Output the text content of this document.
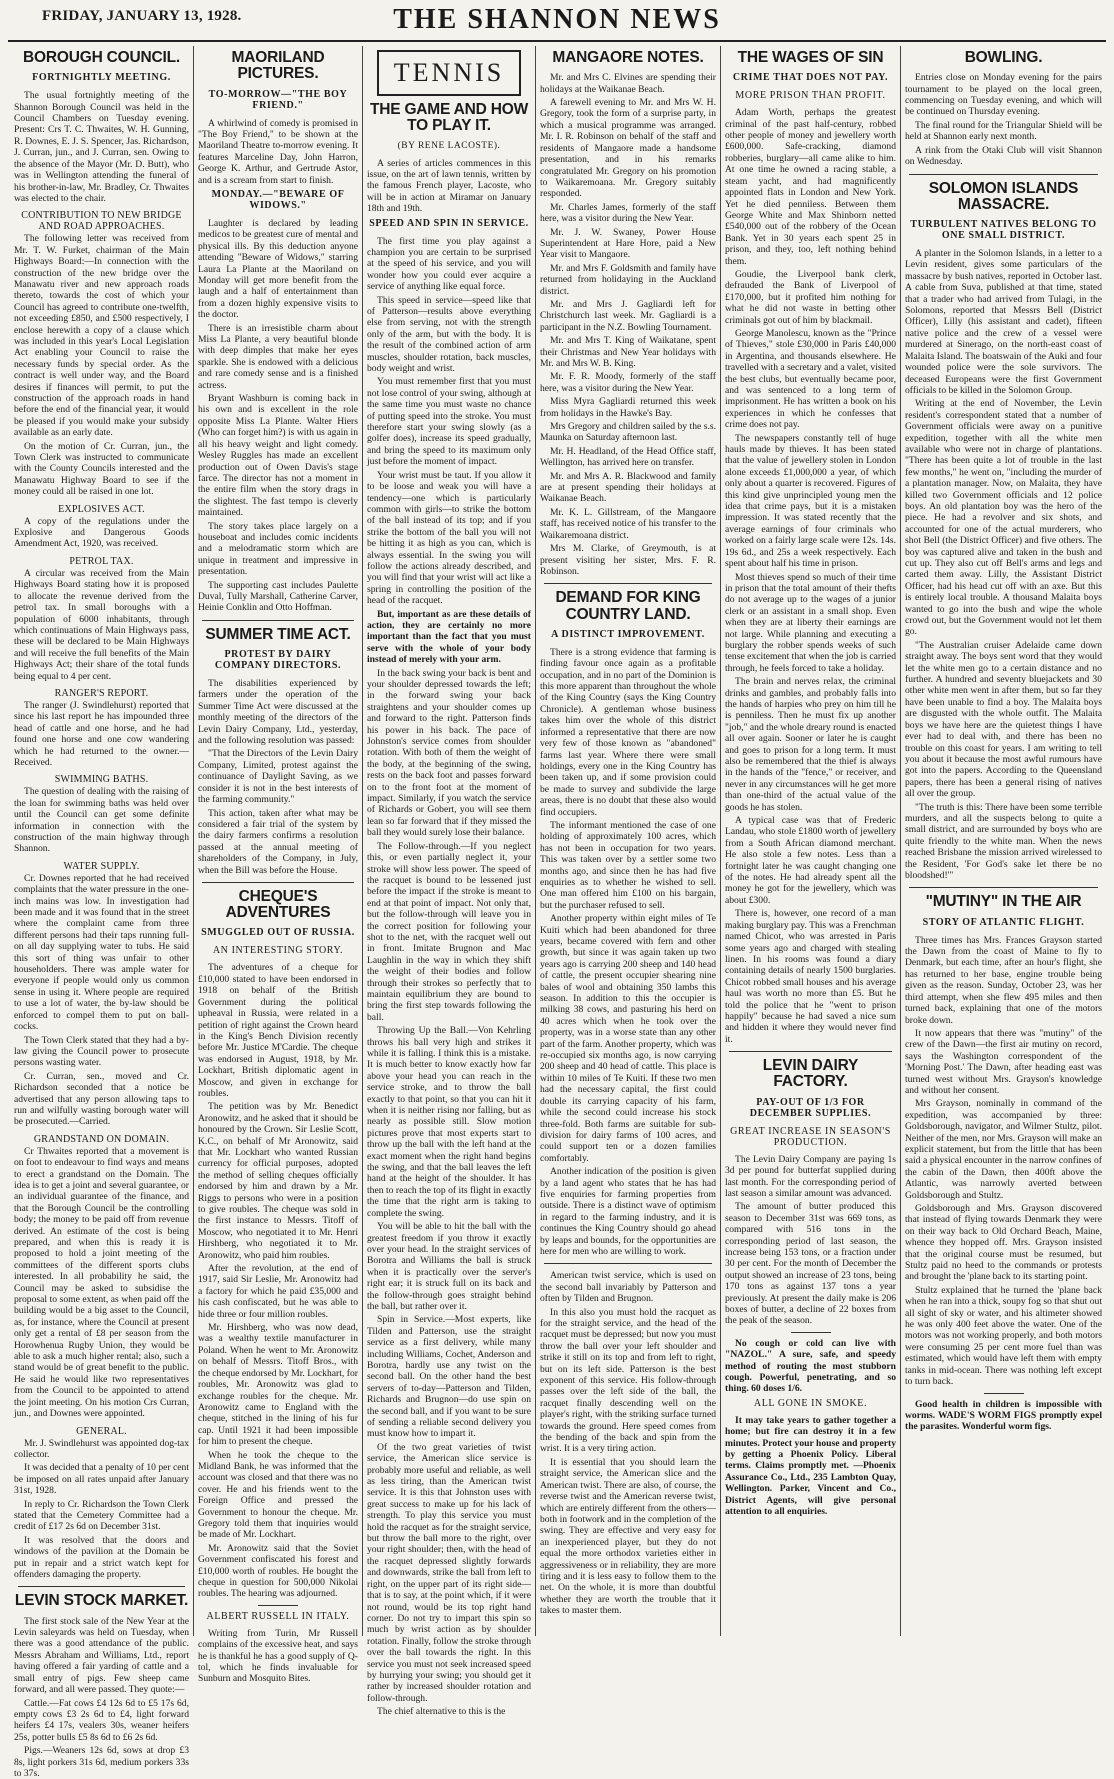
FRIDAY, JANUARY 13, 1928.	THE SHANNON NEWS
BOROUGH COUNCIL.
FORTNIGHTLY MEETING.

The usual fortnightly meeting of the Shannon Borough Council was held in the Council Chambers on Tuesday evening. Present: Crs T. C. Thwaites, W. H. Gunning, R. Downes, E. J. S. Spencer, Jas. Richardson, J. Curran, jun., and J. Curran, sen. Owing to the absence of the Mayor (Mr. D. Butt), who was in Wellington attending the funeral of his brother-in-law, Mr. Bradley, Cr. Thwaites was elected to the chair.

CONTRIBUTION TO NEW BRIDGE AND ROAD APPROACHES.

The following letter was received from Mr. T. W. Furket, chairman of the Main Highways Board:—In connection with the construction of the new bridge over the Manawatu river and new approach roads thereto, towards the cost of which your Council has agreed to contribute one-twelfth, not exceeding £850, and £500 respectively, I enclose herewith a copy of a clause which was included in this year's Local Legislation Act enabling your Council to raise the necessary funds by special order. As the contract is well under way, and the Board desires if finances will permit, to put the construction of the approach roads in hand before the end of the financial year, it would be pleased if you would make your subsidy available as an early date.

On the motion of Cr. Curran, jun., the Town Clerk was instructed to communicate with the County Councils interested and the Manawatu Highway Board to see if the money could all be raised in one lot.

EXPLOSIVES ACT.

A copy of the regulations under the Explosive and Dangerous Goods Amendment Act, 1920, was received.

PETROL TAX.

A circular was received from the Main Highways Board stating how it is proposed to allocate the revenue derived from the petrol tax. In small boroughs with a population of 6000 inhabitants, through which continuations of Main Highways pass, these will be declared to be Main Highways and will receive the full benefits of the Main Highways Act; their share of the total funds being equal to 4 per cent.

RANGER'S REPORT.

The ranger (J. Swindlehurst) reported that since his last report he has impounded three head of cattle and one horse, and he had found one horse and one cow wandering which he had returned to the owner.—Received.

SWIMMING BATHS.

The question of dealing with the raising of the loan for swimming baths was held over until the Council can get some definite information in connection with the construction of the main highway through Shannon.

WATER SUPPLY.

Cr. Downes reported that he had received complaints that the water pressure in the one-inch mains was low. In investigation had been made and it was found that in the street where the complaint came from three different persons had their taps running full-on all day supplying water to tubs. He said this sort of thing was unfair to other householders. There was ample water for everyone if people would only us common sense in using it. Where people are required to use a lot of water, the by-law should be enforced to compel them to put on ball-cocks.

The Town Clerk stated that they had a by-law giving the Council power to prosecute persons wasting water.

Cr. Curran, sen., moved and Cr. Richardson seconded that a notice be advertised that any person allowing taps to run and wilfully wasting borough water will be prosecuted.—Carried.

GRANDSTAND ON DOMAIN.

Cr Thwaites reported that a movement is on foot to endeavour to find ways and means to erect a grandstand on the Domain. The idea is to get a joint and several guarantee, or an individual guarantee of the finance, and that the Borough Council be the controlling body; the money to be paid off from revenue derived. An estimate of the cost is being prepared, and when this is ready it is proposed to hold a joint meeting of the committees of the different sports clubs interested. In all probability he said, the Council may be asked to subsidise the proposal to some extent, as when paid off the building would be a big asset to the Council, as, for instance, where the Council at present only get a rental of £8 per season from the Horowhenua Rugby Union, they would be able to ask a much higher rental; also, such a stand would be of great benefit to the public. He said he would like two representatives from the Council to be appointed to attend the joint meeting. On his motion Crs Curran, jun., and Downes were appointed.

GENERAL.

Mr. J. Swindlehurst was appointed dog-tax collector.

It was decided that a penalty of 10 per cent be imposed on all rates unpaid after January 31st, 1928.

In reply to Cr. Richardson the Town Clerk stated that the Cemetery Committee had a credit of £17 2s 6d on December 31st.

It was resolved that the doors and windows of the pavilion at the Domain be put in repair and a strict watch kept for offenders damaging the property.

LEVIN STOCK MARKET.

The first stock sale of the New Year at the Levin saleyards was held on Tuesday, when there was a good attendance of the public. Messrs Abraham and Williams, Ltd., report having offered a fair yarding of cattle and a small entry of pigs. Few sheep came forward, and all were passed. They quote:—

Cattle.—Fat cows £4 12s 6d to £5 17s 6d, empty cows £3 2s 6d to £4, light forward heifers £4 17s, vealers 30s, weaner heifers 25s, potter bulls £5 8s 6d to £6 2s 6d.

Pigs.—Weaners 12s 6d, sows at drop £3 8s, light porkers 31s 6d, medium porkers 33s to 37s.

MAORILAND PICTURES.
TO-MORROW—"THE BOY FRIEND."

A whirlwind of comedy is promised in "The Boy Friend," to be shown at the Maoriland Theatre to-morrow evening. It features Marceline Day, John Harron, George K. Arthur, and Gertrude Astor, and is a scream from start to finish.

MONDAY.—"BEWARE OF WIDOWS."

Laughter is declared by leading medicos to be greatest cure of mental and physical ills. By this deduction anyone attending "Beware of Widows," starring Laura La Plante at the Maoriland on Monday will get more benefit from the laugh and a half of entertainment than from a dozen highly expensive visits to the doctor.

There is an irresistible charm about Miss La Plante, a very beautiful blonde with deep dimples that make her eyes sparkle. She is endowed with a delicious and rare comedy sense and is a finished actress.

Bryant Washburn is coming back in his own and is excellent in the role opposite Miss La Plante. Walter Hiers (Who can forget him?) is with us again in all his heavy weight and light comedy. Wesley Ruggles has made an excellent production out of Owen Davis's stage farce. The director has not a moment in the entire film when the story drags in the slightest. The fast tempo is cleverly maintained.

The story takes place largely on a houseboat and includes comic incidents and a melodramatic storm which are unique in treatment and impressive in presentation.

The supporting cast includes Paulette Duval, Tully Marshall, Catherine Carver, Heinie Conklin and Otto Hoffman.

SUMMER TIME ACT.
PROTEST BY DAIRY COMPANY DIRECTORS.

The disabilities experienced by farmers under the operation of the Summer Time Act were discussed at the monthly meeting of the directors of the Levin Dairy Company, Ltd., yesterday, and the following resolution was passed:

"That the Directors of the Levin Dairy Company, Limited, protest against the continuance of Daylight Saving, as we consider it is not in the best interests of the farming community."

This action, taken after what may be considered a fair trial of the system by the dairy farmers confirms a resolution passed at the annual meeting of shareholders of the Company, in July, when the Bill was before the House.

CHEQUE'S ADVENTURES
SMUGGLED OUT OF RUSSIA.
AN INTERESTING STORY.

The adventures of a cheque for £10,000 stated to have been endorsed in 1918 on behalf of the British Government during the political upheaval in Russia, were related in a petition of right against the Crown heard in the King's Bench Division recently before Mr. Justice M'Cardie. The cheque was endorsed in August, 1918, by Mr. Lockhart, British diplomatic agent in Moscow, and given in exchange for roubles.

The petition was by Mr. Benedict Aronowitz, and he asked that it should be honoured by the Crown. Sir Leslie Scott, K.C., on behalf of Mr Aronowitz, said that Mr. Lockhart who wanted Russian currency for official purposes, adopted the method of selling cheques officially endorsed by him and drawn by a Mr. Riggs to persons who were in a position to give roubles. The cheque was sold in the first instance to Messrs. Titoff of Moscow, who negotiated it to Mr. Henri Hirshberg, who negotiated it to Mr. Aronowitz, who paid him roubles.

After the revolution, at the end of 1917, said Sir Leslie, Mr. Aronowitz had a factory for which he paid £35,000 and his cash confiscated, but he was able to hide three or four million roubles.

Mr. Hirshberg, who was now dead, was a wealthy textile manufacturer in Poland. When he went to Mr. Aronowitz on behalf of Messrs. Titoff Bros., with the cheque endorsed by Mr. Lockhart, for roubles, Mr. Aronowitz was glad to exchange roubles for the cheque. Mr. Aronowitz came to England with the cheque, stitched in the lining of his fur cap. Until 1921 it had been impossible for him to present the cheque.

When he took the cheque to the Midland Bank, he was informed that the account was closed and that there was no cover. He and his friends went to the Foreign Office and pressed the Government to honour the cheque. Mr. Gregory told them that inquiries would be made of Mr. Lockhart.

Mr. Aronowitz said that the Soviet Government confiscated his forest and £10,000 worth of roubles. He bought the cheque in question for 500,000 Nikolai roubles. The hearing was adjourned.

ALBERT RUSSELL IN ITALY.

Writing from Turin, Mr Russell complains of the excessive heat, and says he is thankful he has a good supply of Q-tol, which he finds invaluable for Sunburn and Mosquito Bites.

TENNIS
THE GAME AND HOW TO PLAY IT.
(BY RENE LACOSTE).

A series of articles commences in this issue, on the art of lawn tennis, written by the famous French player, Lacoste, who will be in action at Miramar on January 18th and 19th.

SPEED AND SPIN IN SERVICE.

The first time you play against a champion you are certain to be surprised at the speed of his service, and you will wonder how you could ever acquire a service of anything like equal force.

This speed in service—speed like that of Patterson—results above everything else from serving, not with the strength only of the arm, but with the body. It is the result of the combined action of arm muscles, shoulder rotation, back muscles, body weight and wrist.

You must remember first that you must not lose control of your swing, although at the same time you must waste no chance of putting speed into the stroke. You must therefore start your swing slowly (as a golfer does), increase its speed gradually, and bring the speed to its maximum only just before the moment of impact.

Your wrist must be taut. If you allow it to be loose and weak you will have a tendency—one which is particularly common with girls—to strike the bottom of the ball instead of its top; and if you strike the bottom of the ball you will not be hitting it as high as you can, which is always essential. In the swing you will follow the actions already described, and you will find that your wrist will act like a spring in controlling the position of the head of the racquet.

But, important as are these details of action, they are certainly no more important than the fact that you must serve with the whole of your body instead of merely with your arm.

In the back swing your back is bent and your shoulder depressed towards the left; in the forward swing your back straightens and your shoulder comes up and forward to the right. Patterson finds his power in his back. The pace of Johnston's service comes from shoulder rotation. With both of them the weight of the body, at the beginning of the swing, rests on the back foot and passes forward on to the front foot at the moment of impact. Similarly, if you watch the service of Richards or Gobert, you will see them lean so far forward that if they missed the ball they would surely lose their balance.

The Follow-through.—If you neglect this, or even partially neglect it, your stroke will show less power. The speed of the racquet is bound to be lessened just before the impact if the stroke is meant to end at that point of impact. Not only that, but the follow-through will leave you in the correct position for following your shot to the net, with the racquet well out in front. Imitate Brugnon and Mac Laughlin in the way in which they shift the weight of their bodies and follow through their strokes so perfectly that to maintain equilibrium they are bound to bring the first step towards following the ball.

Throwing Up the Ball.—Von Kehrling throws his ball very high and strikes it while it is falling. I think this is a mistake. It is much better to know exactly how far above your head you can reach in the service stroke, and to throw the ball exactly to that point, so that you can hit it when it is neither rising nor falling, but as nearly as possible still. Slow motion pictures prove that most experts start to throw up the ball with the left hand at the exact moment when the right hand begins the swing, and that the ball leaves the left hand at the height of the shoulder. It has then to reach the top of its flight in exactly the time that the right arm is taking to complete the swing.

You will be able to hit the ball with the greatest freedom if you throw it exactly over your head. In the straight services of Borotra and Williams the ball is struck when it is practically over the server's right ear; it is struck full on its back and the follow-through goes straight behind the ball, but rather over it.

Spin in Service.—Most experts, like Tilden and Patterson, use the straight service as a first delivery, while many including Williams, Cochet, Anderson and Borotra, hardly use any twist on the second ball. On the other hand the best servers of to-day—Patterson and Tilden, Richards and Brugnon—do use spin on the second ball, and if you want to be sure of sending a reliable second delivery you must know how to impart it.

Of the two great varieties of twist service, the American slice service is probably more useful and reliable, as well as less tiring, than the American twist service. It is this that Johnston uses with great success to make up for his lack of strength. To play this service you must hold the racquet as for the straight service, but throw the ball more to the right, over your right shoulder; then, with the head of the racquet depressed slightly forwards and downwards, strike the ball from left to right, on the upper part of its right side—that is to say, at the point which, if it were not round, would be its top right hand corner. Do not try to impart this spin so much by wrist action as by shoulder rotation. Finally, follow the stroke through over the ball towards the right. In this service you must not seek increased speed by hurrying your swing; you should get it rather by increased shoulder rotation and follow-through.

The chief alternative to this is the

MANGAORE NOTES.

Mr. and Mrs C. Elvines are spending their holidays at the Waikanae Beach.

A farewell evening to Mr. and Mrs W. H. Gregory, took the form of a surprise party, in which a musical programme was arranged. Mr. I. R. Robinson on behalf of the staff and residents of Mangaore made a handsome presentation, and in his remarks congratulated Mr. Gregory on his promotion to Waikaremoana. Mr. Gregory suitably responded.

Mr. Charles James, formerly of the staff here, was a visitor during the New Year.

Mr. J. W. Swaney, Power House Superintendent at Hare Hore, paid a New Year visit to Mangaore.

Mr. and Mrs F. Goldsmith and family have returned from holidaying in the Auckland district.

Mr. and Mrs J. Gagliardi left for Christchurch last week. Mr. Gagliardi is a participant in the N.Z. Bowling Tournament.

Mr. and Mrs T. King of Waikatane, spent their Christmas and New Year holidays with Mr. and Mrs W. B. King.

Mr. F. R. Moody, formerly of the staff here, was a visitor during the New Year.

Miss Myra Gagliardi returned this week from holidays in the Hawke's Bay.

Mrs Gregory and children sailed by the s.s. Maunka on Saturday afternoon last.

Mr. H. Headland, of the Head Office staff, Wellington, has arrived here on transfer.

Mr. and Mrs A. R. Blackwood and family are at present spending their holidays at Waikanae Beach.

Mr. K. L. Gillstream, of the Mangaore staff, has received notice of his transfer to the Waikaremoana district.

Mrs M. Clarke, of Greymouth, is at present visiting her sister, Mrs. F. R. Robinson.

DEMAND FOR KING COUNTRY LAND.
A DISTINCT IMPROVEMENT.

There is a strong evidence that farming is finding favour once again as a profitable occupation, and in no part of the Dominion is this more apparent than throughout the whole of the King Country (says the King Country Chronicle). A gentleman whose business takes him over the whole of this district informed a representative that there are now very few of those known as "abandoned" farms last year. Where there were small holdings, every one in the King Country has been taken up, and if some provision could be made to survey and subdivide the large areas, there is no doubt that these also would find occupiers.

The informant mentioned the case of one holding of approximately 100 acres, which has not been in occupation for two years. This was taken over by a settler some two months ago, and since then he has had five enquiries as to whether he wished to sell. One man offered him £100 on his bargain, but the purchaser refused to sell.

Another property within eight miles of Te Kuiti which had been abandoned for three years, became covered with fern and other growth, but since it was again taken up two years ago is carrying 200 sheep and 140 head of cattle, the present occupier shearing nine bales of wool and obtaining 350 lambs this season. In addition to this the occupier is milking 38 cows, and pasturing his herd on 40 acres which when he took over the property, was in a worse state than any other part of the farm. Another property, which was re-occupied six months ago, is now carrying 200 sheep and 40 head of cattle. This place is within 10 miles of Te Kuiti. If these two men had the necessary capital, the first could double its carrying capacity of his farm, while the second could increase his stock three-fold. Both farms are suitable for sub-division for dairy farms of 100 acres, and could support ten or a dozen families comfortably.

Another indication of the position is given by a land agent who states that he has had five enquiries for farming properties from outside. There is a distinct wave of optimism in regard to the farming industry, and it is continues the King Country should go ahead by leaps and bounds, for the opportunities are here for men who are willing to work.

American twist service, which is used on the second ball invariably by Patterson and often by Tilden and Brugnon.

In this also you must hold the racquet as for the straight service, and the head of the racquet must be depressed; but now you must throw the ball over your left shoulder and strike it still on its top and from left to right, but on its left side. Patterson is the best exponent of this service. His follow-through passes over the left side of the ball, the racquet finally descending well on the player's right, with the striking surface turned towards the ground. Here speed comes from the bending of the back and spin from the wrist. It is a very tiring action.

It is essential that you should learn the straight service, the American slice and the American twist. There are also, of course, the reverse twist and the American reverse twist, which are entirely different from the others—both in footwork and in the completion of the swing. They are effective and very easy for an inexperienced player, but they do not equal the more orthodox varieties either in aggressiveness or in reliability, they are more tiring and it is less easy to follow them to the net. On the whole, it is more than doubtful whether they are worth the trouble that it takes to master them.

THE WAGES OF SIN
CRIME THAT DOES NOT PAY.
MORE PRISON THAN PROFIT.

Adam Worth, perhaps the greatest criminal of the past half-century, robbed other people of money and jewellery worth £600,000. Safe-cracking, diamond robberies, burglary—all came alike to him. At one time he owned a racing stable, a steam yacht, and had magnificently appointed flats in London and New York. Yet he died penniless. Between them George White and Max Shinborn netted £540,000 out of the robbery of the Ocean Bank. Yet in 30 years each spent 25 in prison, and they, too, left nothing behind them.

Goudie, the Liverpool bank clerk, defrauded the Bank of Liverpool of £170,000, but it profited him nothing for what he did not waste in betting other criminals got out of him by blackmail.

George Manolescu, known as the "Prince of Thieves," stole £30,000 in Paris £40,000 in Argentina, and thousands elsewhere. He travelled with a secretary and a valet, visited the best clubs, but eventually became poor, and was sentenced to a long term of imprisonment. He has written a book on his experiences in which he confesses that crime does not pay.

The newspapers constantly tell of huge hauls made by thieves. It has been stated that the value of jewellery stolen in London alone exceeds £1,000,000 a year, of which only about a quarter is recovered. Figures of this kind give unprincipled young men the idea that crime pays, but it is a mistaken impression. It was stated recently that the average earnings of four criminals who worked on a fairly large scale were 12s. 14s. 19s 6d., and 25s a week respectively. Each spent about half his time in prison.

Most thieves spend so much of their time in prison that the total amount of their thefts do not average up to the wages of a junior clerk or an assistant in a small shop. Even when they are at liberty their earnings are not large. While planning and executing a burglary the robber spends weeks of such tense excitement that when the job is carried through, he feels forced to take a holiday.

The brain and nerves relax, the criminal drinks and gambles, and probably falls into the hands of harpies who prey on him till he is penniless. Then he must fix up another "job," and the whole dreary round is enacted all over again. Sooner or later he is caught and goes to prison for a long term. It must also be remembered that the thief is always in the hands of the "fence," or receiver, and never in any circumstances will he get more than one-third of the actual value of the goods he has stolen.

A typical case was that of Frederic Landau, who stole £1800 worth of jewellery from a South African diamond merchant. He also stole a few notes. Less than a fortnight later he was caught changing one of the notes. He had already spent all the money he got for the jewellery, which was about £300.

There is, however, one record of a man making burglary pay. This was a Frenchman named Chicot, who was arrested in Paris some years ago and charged with stealing linen. In his rooms was found a diary containing details of nearly 1500 burglaries. Chicot robbed small houses and his average haul was worth no more than £5. But he told the police that he "went to prison happily" because he had saved a nice sum and hidden it where they would never find it.

LEVIN DAIRY FACTORY.
PAY-OUT OF 1/3 FOR DECEMBER SUPPLIES.
GREAT INCREASE IN SEASON'S PRODUCTION.

The Levin Dairy Company are paying 1s 3d per pound for butterfat supplied during last month. For the corresponding period of last season a similar amount was advanced.

The amount of butter produced this season to December 31st was 669 tons, as compared with 516 tons in the corresponding period of last season, the increase being 153 tons, or a fraction under 30 per cent. For the month of December the output showed an increase of 23 tons, being 170 tons as against 137 tons a year previously. At present the daily make is 206 boxes of butter, a decline of 22 boxes from the peak of the season.

No cough or cold can live with "NAZOL." A sure, safe, and speedy method of routing the most stubborn cough. Powerful, penetrating, and so thing. 60 doses 1/6.

ALL GONE IN SMOKE.

It may take years to gather together a home; but fire can destroy it in a few minutes. Protect your house and property by getting a Phoenix Policy. Liberal terms. Claims promptly met. —Phoenix Assurance Co., Ltd., 235 Lambton Quay, Wellington. Parker, Vincent and Co., District Agents, will give personal attention to all enquiries.

BOWLING.

Entries close on Monday evening for the pairs tournament to be played on the local green, commencing on Tuesday evening, and which will be continued on Thursday evening.

The final round for the Triangular Shield will be held at Shannon early next month.

A rink from the Otaki Club will visit Shannon on Wednesday.

SOLOMON ISLANDS MASSACRE.
TURBULENT NATIVES BELONG TO ONE SMALL DISTRICT.

A planter in the Solomon Islands, in a letter to a Levin resident, gives some particulars of the massacre by bush natives, reported in October last. A cable from Suva, published at that time, stated that a trader who had arrived from Tulagi, in the Solomons, reported that Messrs Bell (District Officer), Lilly (his assistant and cadet), fifteen native police and the crew of a vessel were murdered at Sinerago, on the north-east coast of Malaita Island. The boatswain of the Auki and four wounded police were the sole survivors. The deceased Europeans were the first Government officials to be killed in the Solomon Group.

Writing at the end of November, the Levin resident's correspondent stated that a number of Government officials were away on a punitive expedition, together with all the white men available who were not in charge of plantations. "There has been quite a lot of trouble in the last few months," he went on, "including the murder of a plantation manager. Now, on Malaita, they have killed two Government officials and 12 police boys. An old plantation boy was the hero of the piece. He had a revolver and six shots, and accounted for one of the actual murderers, who shot Bell (the District Officer) and five others. The boy was captured alive and taken in the bush and cut up. They also cut off Bell's arms and legs and carted them away. Lilly, the Assistant District Officer, had his head cut off with an axe. But this is entirely local trouble. A thousand Malaita boys wanted to go into the bush and wipe the whole crowd out, but the Government would not let them go.

"The Australian cruiser Adelaide came down straight away. The boys sent word that they would let the white men go to a certain distance and no further. A hundred and seventy bluejackets and 30 other white men went in after them, but so far they have been unable to find a boy. The Malaita boys are disgusted with the whole outfit. The Malaita boys we have here are the quietest things I have ever had to deal with, and there has been no trouble on this coast for years. I am writing to tell you about it because the most awful rumours have got into the papers. According to the Queensland papers, there has been a general rising of natives all over the group.

"The truth is this: There have been some terrible murders, and all the suspects belong to quite a small district, and are surrounded by boys who are quite friendly to the white man. When the news reached Brisbane the mission arrived wirelessed to the Resident, 'For God's sake let there be no bloodshed!'"

"MUTINY" IN THE AIR
STORY OF ATLANTIC FLIGHT.

Three times has Mrs. Frances Grayson started the Dawn from the coast of Maine to fly to Denmark, but each time, after an hour's flight, she has returned to her base, engine trouble being given as the reason. Sunday, October 23, was her third attempt, when she flew 495 miles and then turned back, explaining that one of the motors broke down.

It now appears that there was "mutiny" of the crew of the Dawn—the first air mutiny on record, says the Washington correspondent of the 'Morning Post.' The Dawn, after heading east was turned west without Mrs. Grayson's knowledge and without her consent.

Mrs Grayson, nominally in command of the expedition, was accompanied by three: Goldsborough, navigator, and Wilmer Stultz, pilot. Neither of the men, nor Mrs. Grayson will make an explicit statement, but from the little that has been said a physical encounter in the narrow confines of the cabin of the Dawn, then 400ft above the Atlantic, was narrowly averted between Goldsborough and Stultz.

Goldsborough and Mrs. Grayson discovered that instead of flying towards Denmark they were on their way back to Old Orchard Beach, Maine, whence they hopped off. Mrs. Grayson insisted that the original course must be resumed, but Stultz paid no heed to the commands or protests and brought the 'plane back to its starting point.

Stultz explained that he turned the 'plane back when he ran into a thick, soupy fog so that shut out all sight of sky or water, and his altimeter showed he was only 400 feet above the water. One of the motors was not working properly, and both motors were consuming 25 per cent more fuel than was estimated, which would have left them with empty tanks in mid-ocean. There was nothing left except to turn back.

Good health in children is impossible with worms. WADE'S WORM FIGS promptly expel the parasites. Wonderful worm figs.
